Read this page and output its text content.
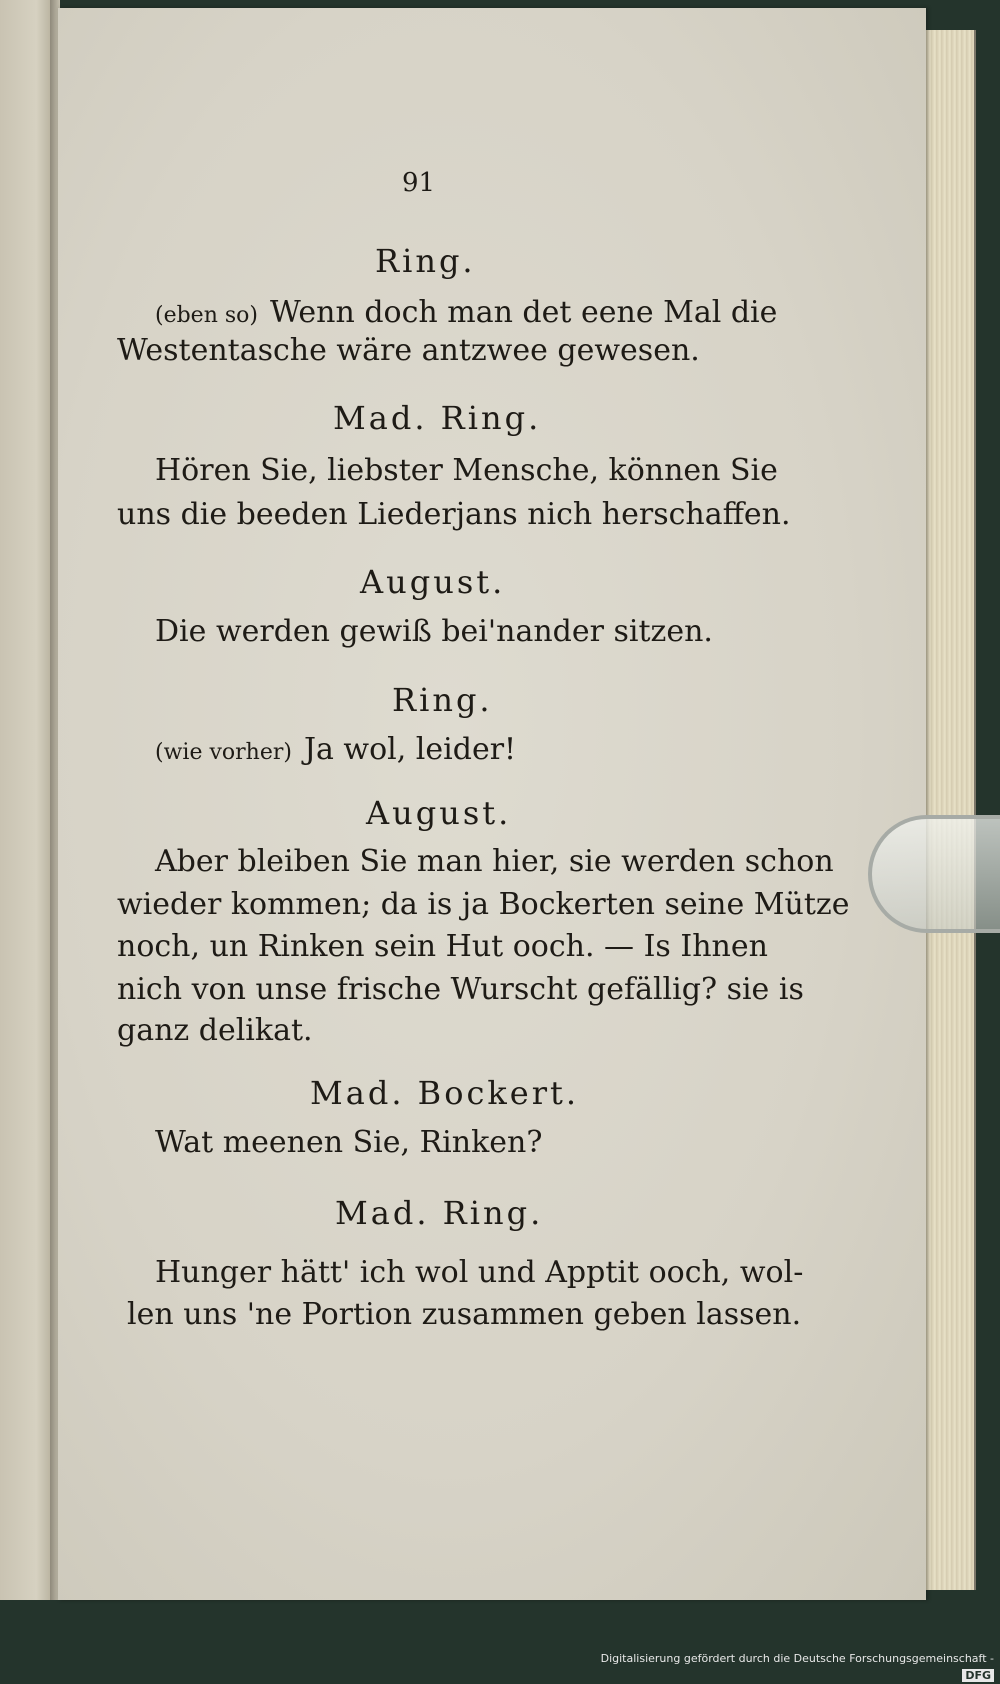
91
Ring.
(eben so) Wenn doch man det eene Mal die
Westentasche wäre antzwee gewesen.
Mad. Ring.
Hören Sie, liebster Mensche, können Sie
uns die beeden Liederjans nich herschaffen.
August.
Die werden gewiß bei'nander sitzen.
Ring.
(wie vorher) Ja wol, leider!
August.
Aber bleiben Sie man hier, sie werden schon
wieder kommen; da is ja Bockerten seine Mütze
noch, un Rinken sein Hut ooch. — Is Ihnen
nich von unse frische Wurscht gefällig? sie is
ganz delikat.
Mad. Bockert.
Wat meenen Sie, Rinken?
Mad. Ring.
Hunger hätt' ich wol und Apptit ooch, wol-
len uns 'ne Portion zusammen geben lassen.
Digitalisierung gefördert durch die Deutsche Forschungsgemeinschaft -DFG
